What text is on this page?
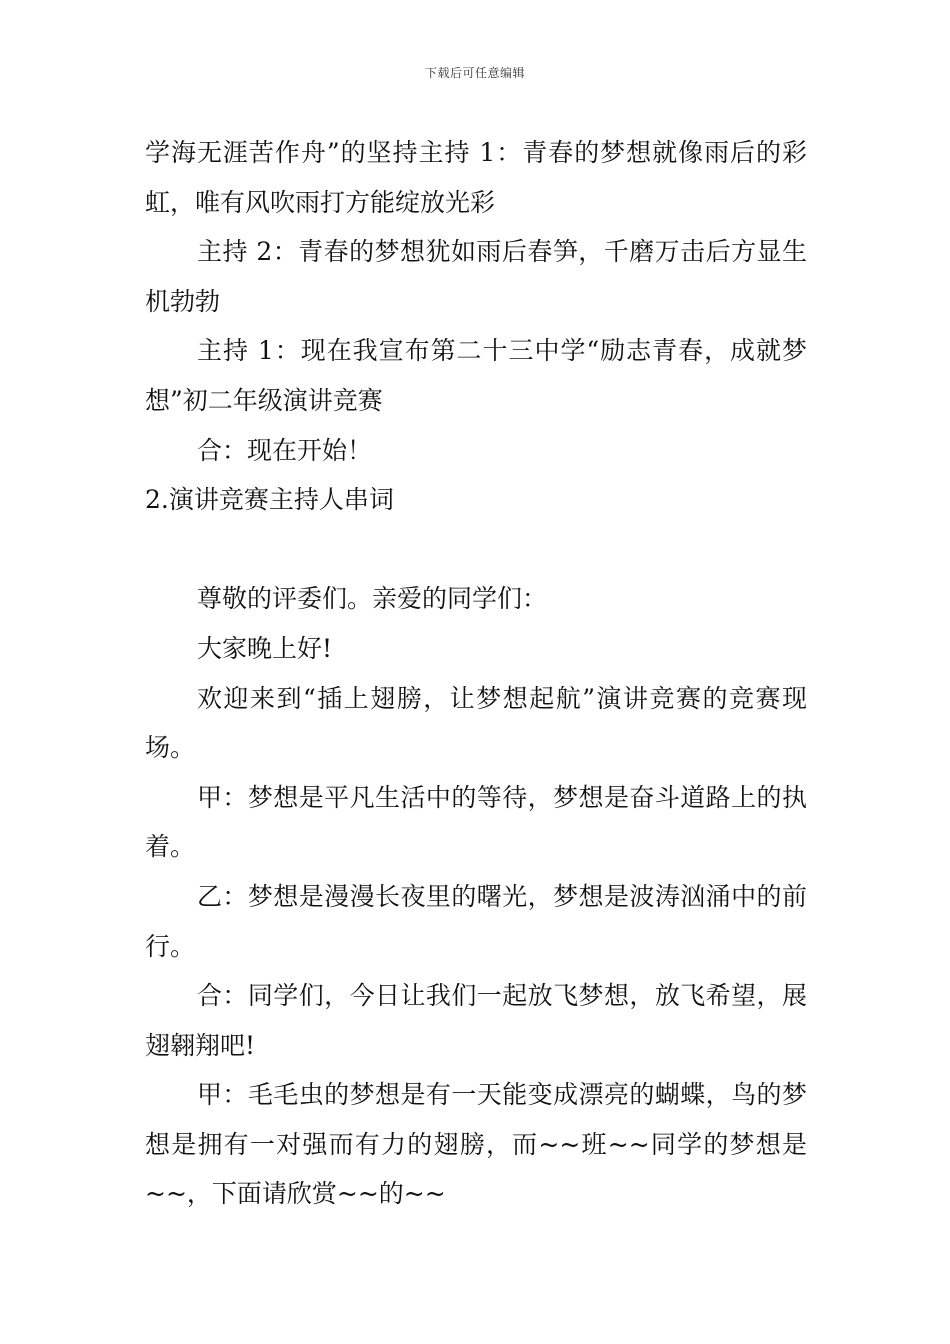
下载后可任意编辑

学海无涯苦作舟”的坚持主持 1：青春的梦想就像雨后的彩虹，唯有风吹雨打方能绽放光彩

主持 2：青春的梦想犹如雨后春笋，千磨万击后方显生机勃勃

主持 1：现在我宣布第二十三中学“励志青春，成就梦想”初二年级演讲竞赛

合：现在开始！

2.演讲竞赛主持人串词

尊敬的评委们。亲爱的同学们：

大家晚上好!

欢迎来到“插上翅膀，让梦想起航”演讲竞赛的竞赛现场。

甲：梦想是平凡生活中的等待，梦想是奋斗道路上的执着。

乙：梦想是漫漫长夜里的曙光，梦想是波涛汹涌中的前行。

合：同学们，今日让我们一起放飞梦想，放飞希望，展翅翱翔吧!

甲：毛毛虫的梦想是有一天能变成漂亮的蝴蝶，鸟的梦想是拥有一对强而有力的翅膀，而~~班~~同学的梦想是~~，下面请欣赏~~的~~
